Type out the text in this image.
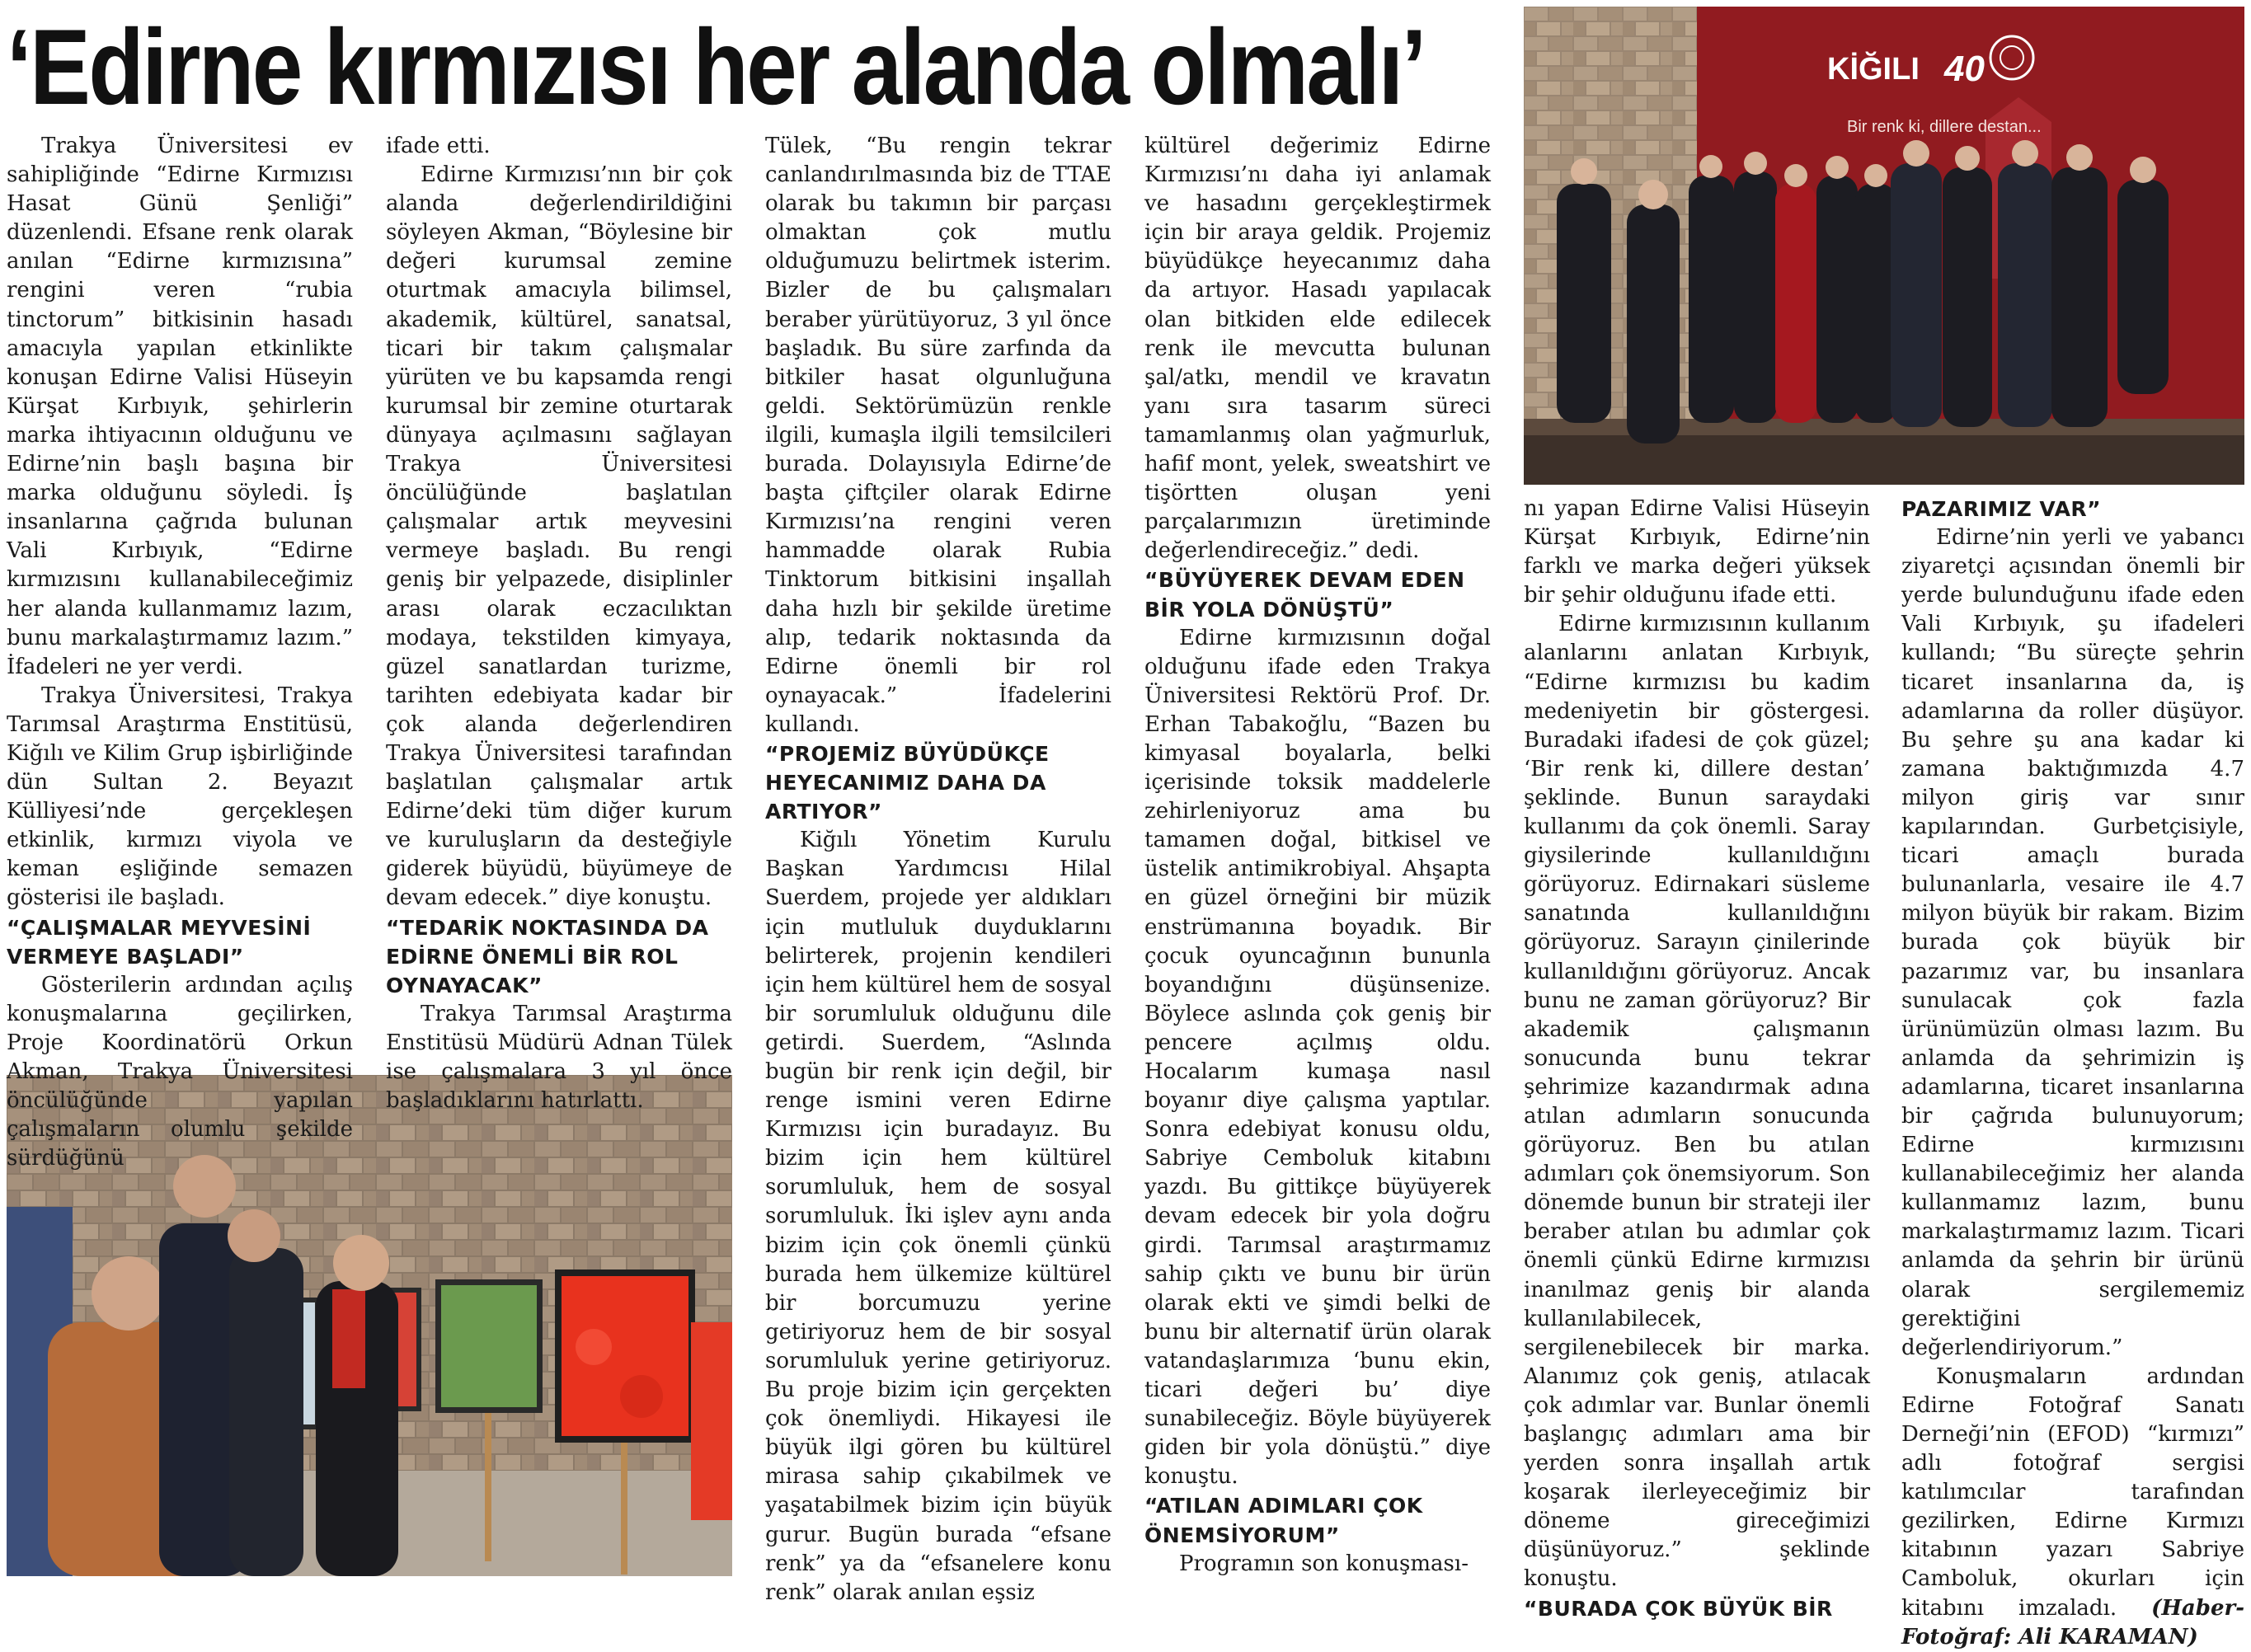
‘Edirne kırmızısı her alanda olmalı’	KİĞILI 40
Bir renk ki, dillere destan...

Trakya Üniversitesi ev sahipliğinde “Edirne Kırmızısı Hasat Günü Şenliği” düzenlendi. Efsane renk olarak anılan “Edirne kırmızısına” rengini veren “rubia tinctorum” bitkisinin hasadı amacıyla yapılan etkinlikte konuşan Edirne Valisi Hüseyin Kürşat Kırbıyık, şehirlerin marka ihtiyacının olduğunu ve Edirne’nin başlı başına bir marka olduğunu söyledi. İş insanlarına çağrıda bulunan Vali Kırbıyık, “Edirne kırmızısını kullanabileceğimiz her alanda kullanmamız lazım, bunu markalaştırmamız lazım.” İfadeleri ne yer verdi.

Trakya Üniversitesi, Trakya Tarımsal Araştırma Enstitüsü, Kiğılı ve Kilim Grup işbirliğinde dün Sultan 2. Beyazıt Külliyesi’nde gerçekleşen etkinlik, kırmızı viyola ve keman eşliğinde semazen gösterisi ile başladı.

“ÇALIŞMALAR MEYVESİNİ VERMEYE BAŞLADI”

Gösterilerin ardından açılış konuşmalarına geçilirken, Proje Koordinatörü Orkun Akman, Trakya Üniversitesi öncülüğünde yapılan çalışmaların olumlu şekilde sürdüğünü

ifade etti.

Edirne Kırmızısı’nın bir çok alanda değerlendirildiğini söyleyen Akman, “Böylesine bir değeri kurumsal zemine oturtmak amacıyla bilimsel, akademik, kültürel, sanatsal, ticari bir takım çalışmalar yürüten ve bu kapsamda rengi kurumsal bir zemine oturtarak dünyaya açılmasını sağlayan Trakya Üniversitesi öncülüğünde başlatılan çalışmalar artık meyvesini vermeye başladı. Bu rengi geniş bir yelpazede, disiplinler arası olarak eczacılıktan modaya, tekstilden kimyaya, güzel sanatlardan turizme, tarihten edebiyata kadar bir çok alanda değerlendiren Trakya Üniversitesi tarafından başlatılan çalışmalar artık Edirne’deki tüm diğer kurum ve kuruluşların da desteğiyle giderek büyüdü, büyümeye de devam edecek.” diye konuştu.

“TEDARİK NOKTASINDA DA EDİRNE ÖNEMLİ BİR ROL OYNAYACAK”

Trakya Tarımsal Araştırma Enstitüsü Müdürü Adnan Tülek ise çalışmalara 3 yıl önce başladıklarını hatırlattı.

Tülek, “Bu rengin tekrar canlandırılmasında biz de TTAE olarak bu takımın bir parçası olmaktan çok mutlu olduğumuzu belirtmek isterim. Bizler de bu çalışmaları beraber yürütüyoruz, 3 yıl önce başladık. Bu süre zarfında da bitkiler hasat olgunluğuna geldi. Sektörümüzün renkle ilgili, kumaşla ilgili temsilcileri burada. Dolayısıyla Edirne’de başta çiftçiler olarak Edirne Kırmızısı’na rengini veren hammadde olarak Rubia Tinktorum bitkisini inşallah daha hızlı bir şekilde üretime alıp, tedarik noktasında da Edirne önemli bir rol oynayacak.” İfadelerini kullandı.

“PROJEMİZ BÜYÜDÜKÇE HEYECANIMIZ DAHA DA ARTIYOR”

Kiğılı Yönetim Kurulu Başkan Yardımcısı Hilal Suerdem, projede yer aldıkları için mutluluk duyduklarını belirterek, projenin kendileri için hem kültürel hem de sosyal bir sorumluluk olduğunu dile getirdi. Suerdem, “Aslında bugün bir renk için değil, bir renge ismini veren Edirne Kırmızısı için buradayız. Bu bizim için hem kültürel sorumluluk, hem de sosyal sorumluluk. İki işlev aynı anda bizim için çok önemli çünkü burada hem ülkemize kültürel bir borcumuzu yerine getiriyoruz hem de bir sosyal sorumluluk yerine getiriyoruz. Bu proje bizim için gerçekten çok önemliydi. Hikayesi ile büyük ilgi gören bu kültürel mirasa sahip çıkabilmek ve yaşatabilmek bizim için büyük gurur. Bugün burada “efsane renk” ya da “efsanelere konu renk” olarak anılan eşsiz

kültürel değerimiz Edirne Kırmızısı’nı daha iyi anlamak ve hasadını gerçekleştirmek için bir araya geldik. Projemiz büyüdükçe heyecanımız daha da artıyor. Hasadı yapılacak olan bitkiden elde edilecek renk ile mevcutta bulunan şal/atkı, mendil ve kravatın yanı sıra tasarım süreci tamamlanmış olan yağmurluk, hafif mont, yelek, sweatshirt ve tişörtten oluşan yeni parçalarımızın üretiminde değerlendireceğiz.” dedi.

“BÜYÜYEREK DEVAM EDEN BİR YOLA DÖNÜŞTÜ”

Edirne kırmızısının doğal olduğunu ifade eden Trakya Üniversitesi Rektörü Prof. Dr. Erhan Tabakoğlu, “Bazen bu kimyasal boyalarla, belki içerisinde toksik maddelerle zehirleniyoruz ama bu tamamen doğal, bitkisel ve üstelik antimikrobiyal. Ahşapta en güzel örneğini bir müzik enstrümanına boyadık. Bir çocuk oyuncağının bununla boyandığını düşünsenize. Böylece aslında çok geniş bir pencere açılmış oldu. Hocalarım kumaşa nasıl boyanır diye çalışma yaptılar. Sonra edebiyat konusu oldu, Sabriye Cemboluk kitabını yazdı. Bu gittikçe büyüyerek devam edecek bir yola doğru girdi. Tarımsal araştırmamız sahip çıktı ve bunu bir ürün olarak ekti ve şimdi belki de bunu bir alternatif ürün olarak vatandaşlarımıza ‘bunu ekin, ticari değeri bu’ diye sunabileceğiz. Böyle büyüyerek giden bir yola dönüştü.” diye konuştu.

“ATILAN ADIMLARI ÇOK ÖNEMSİYORUM”

Programın son konuşması-

nı yapan Edirne Valisi Hüseyin Kürşat Kırbıyık, Edirne’nin farklı ve marka değeri yüksek bir şehir olduğunu ifade etti.

Edirne kırmızısının kullanım alanlarını anlatan Kırbıyık, “Edirne kırmızısı bu kadim medeniyetin bir göstergesi. Buradaki ifadesi de çok güzel; ‘Bir renk ki, dillere destan’ şeklinde. Bunun saraydaki kullanımı da çok önemli. Saray giysilerinde kullanıldığını görüyoruz. Edirnakari süsleme sanatında kullanıldığını görüyoruz. Sarayın çinilerinde kullanıldığını görüyoruz. Ancak bunu ne zaman görüyoruz? Bir akademik çalışmanın sonucunda bunu tekrar şehrimize kazandırmak adına atılan adımların sonucunda görüyoruz. Ben bu atılan adımları çok önemsiyorum. Son dönemde bunun bir strateji iler beraber atılan bu adımlar çok önemli çünkü Edirne kırmızısı inanılmaz geniş bir alanda kullanılabilecek, sergilenebilecek bir marka. Alanımız çok geniş, atılacak çok adımlar var. Bunlar önemli başlangıç adımları ama bir yerden sonra inşallah artık koşarak ilerleyeceğimiz bir döneme gireceğimizi düşünüyoruz.” şeklinde konuştu.

“BURADA ÇOK BÜYÜK BİR
PAZARIMIZ VAR”

Edirne’nin yerli ve yabancı ziyaretçi açısından önemli bir yerde bulunduğunu ifade eden Vali Kırbıyık, şu ifadeleri kullandı; “Bu süreçte şehrin ticaret insanlarına da, iş adamlarına da roller düşüyor. Bu şehre şu ana kadar ki zamana baktığımızda 4.7 milyon giriş var sınır kapılarından. Gurbetçisiyle, ticari amaçlı burada bulunanlarla, vesaire ile 4.7 milyon büyük bir rakam. Bizim burada çok büyük bir pazarımız var, bu insanlara sunulacak çok fazla ürünümüzün olması lazım. Bu anlamda da şehrimizin iş adamlarına, ticaret insanlarına bir çağrıda bulunuyorum; Edirne kırmızısını kullanabileceğimiz her alanda kullanmamız lazım, bunu markalaştırmamız lazım. Ticari anlamda da şehrin bir ürünü olarak sergilememiz gerektiğini değerlendiriyorum.”

Konuşmaların ardından Edirne Fotoğraf Sanatı Derneği’nin (EFOD) “kırmızı” adlı fotoğraf sergisi katılımcılar tarafından gezilirken, Edirne Kırmızı kitabının yazarı Sabriye Camboluk, okurları için kitabını imzaladı. (Haber-Fotoğraf: Ali KARAMAN)
